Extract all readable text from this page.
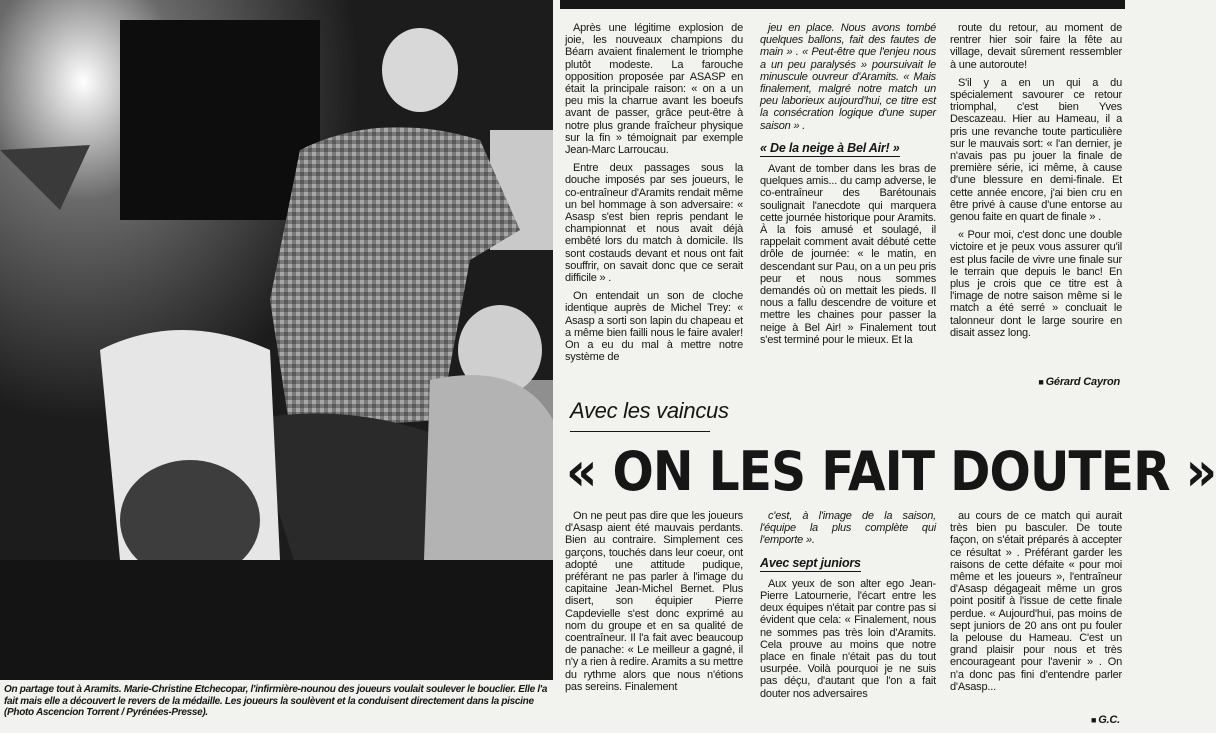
On partage tout à Aramits. Marie-Christine Etchecopar, l'infirmière-nounou des joueurs voulait soulever le bouclier. Elle l'a fait mais elle a découvert le revers de la médaille. Les joueurs la soulèvent et la conduisent directement dans la piscine (Photo Ascencion Torrent / Pyrénées-Presse).

Après une légitime explosion de joie, les nouveaux champions du Béarn avaient finalement le triomphe plutôt modeste. La farouche opposition proposée par ASASP en était la principale raison: « on a un peu mis la charrue avant les boeufs avant de passer, grâce peut-être à notre plus grande fraîcheur physique sur la fin » témoignait par exemple Jean-Marc Larroucau.

Entre deux passages sous la douche imposés par ses joueurs, le co-entraîneur d'Aramits rendait même un bel hommage à son adversaire: « Asasp s'est bien repris pendant le championnat et nous avait déjà embêté lors du match à domicile. Ils sont costauds devant et nous ont fait souffrir, on savait donc que ce serait difficile » .

On entendait un son de cloche identique auprès de Michel Trey: « Asasp a sorti son lapin du chapeau et a même bien failli nous le faire avaler! On a eu du mal à mettre notre système de

jeu en place. Nous avons tombé quelques ballons, fait des fautes de main » . « Peut-être que l'enjeu nous a un peu paralysés » poursuivait le minuscule ouvreur d'Aramits. « Mais finalement, malgré notre match un peu laborieux aujourd'hui, ce titre est la consécration logique d'une super saison » .

« De la neige à Bel Air! »

Avant de tomber dans les bras de quelques amis... du camp adverse, le co-entraîneur des Barétounais soulignait l'anecdote qui marquera cette journée historique pour Aramits. À la fois amusé et soulagé, il rappelait comment avait débuté cette drôle de journée: « le matin, en descendant sur Pau, on a un peu pris peur et nous nous sommes demandés où on mettait les pieds. Il nous a fallu descendre de voiture et mettre les chaines pour passer la neige à Bel Air! » Finalement tout s'est terminé pour le mieux. Et la

route du retour, au moment de rentrer hier soir faire la fête au village, devait sûrement ressembler à une autoroute!

S'il y a en un qui a du spécialement savourer ce retour triomphal, c'est bien Yves Descazeau. Hier au Hameau, il a pris une revanche toute particulière sur le mauvais sort: « l'an dernier, je n'avais pas pu jouer la finale de première série, ici même, à cause d'une blessure en demi-finale. Et cette année encore, j'ai bien cru en être privé à cause d'une entorse au genou faite en quart de finale » .

« Pour moi, c'est donc une double victoire et je peux vous assurer qu'il est plus facile de vivre une finale sur le terrain que depuis le banc! En plus je crois que ce titre est à l'image de notre saison même si le match a été serré » concluait le talonneur dont le large sourire en disait assez long.

■ Gérard Cayron
Avec les vaincus
« ON LES FAIT DOUTER »

On ne peut pas dire que les joueurs d'Asasp aient été mauvais perdants. Bien au contraire. Simplement ces garçons, touchés dans leur coeur, ont adopté une attitude pudique, préférant ne pas parler à l'image du capitaine Jean-Michel Bernet. Plus disert, son équipier Pierre Capdevielle s'est donc exprimé au nom du groupe et en sa qualité de coentraîneur. Il l'a fait avec beaucoup de panache: « Le meilleur a gagné, il n'y a rien à redire. Aramits a su mettre du rythme alors que nous n'étions pas sereins. Finalement

c'est, à l'image de la saison, l'équipe la plus complète qui l'emporte ».

Avec sept juniors

Aux yeux de son alter ego Jean-Pierre Latournerie, l'écart entre les deux équipes n'était par contre pas si évident que cela: « Finalement, nous ne sommes pas très loin d'Aramits. Cela prouve au moins que notre place en finale n'était pas du tout usurpée. Voilà pourquoi je ne suis pas déçu, d'autant que l'on a fait douter nos adversaires

au cours de ce match qui aurait très bien pu basculer. De toute façon, on s'était préparés à accepter ce résultat » . Préférant garder les raisons de cette défaite « pour moi même et les joueurs », l'entraîneur d'Asasp dégageait même un gros point positif à l'issue de cette finale perdue. « Aujourd'hui, pas moins de sept juniors de 20 ans ont pu fouler la pelouse du Hameau. C'est un grand plaisir pour nous et très encourageant pour l'avenir » . On n'a donc pas fini d'entendre parler d'Asasp...

■ G.C.
